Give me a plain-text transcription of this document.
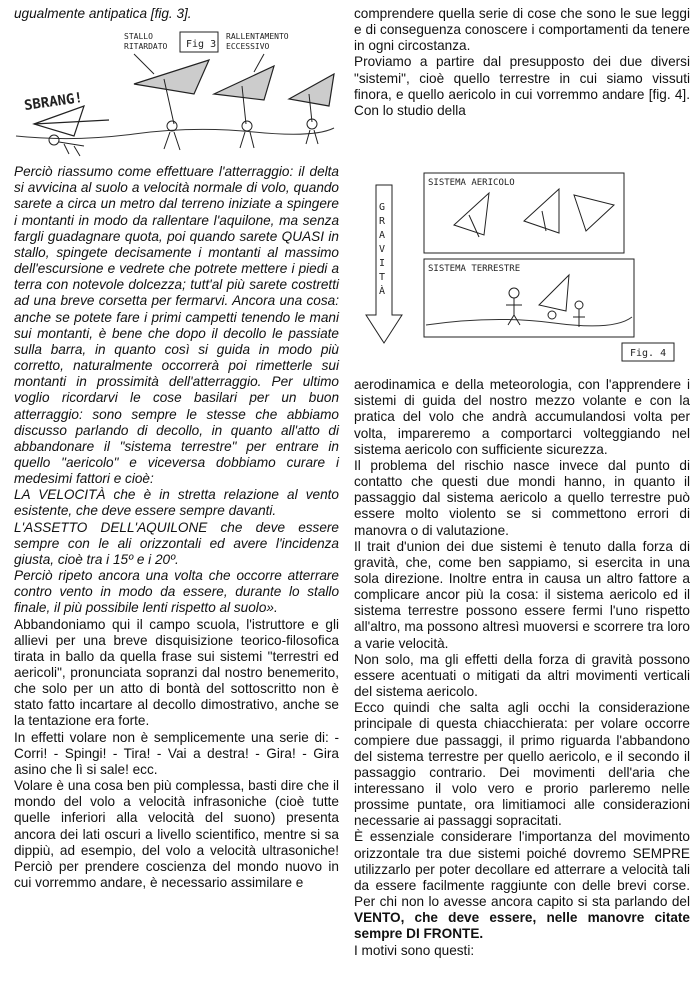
ugualmente antipatica [fig. 3].

Fig 3
SBRANG!
STALLO
RITARDATO
RALLENTAMENTO
ECCESSIVO

Perciò riassumo come effettuare l'atterraggio: il delta si avvicina al suolo a velocità normale di volo, quando sarete a circa un metro dal terreno iniziate a spingere i montanti in modo da rallentare l'aquilone, ma senza fargli guadagnare quota, poi quando sarete QUASI in stallo, spingete decisamente i montanti al massimo dell'escursione e vedrete che potrete mettere i piedi a terra con notevole dolcezza; tutt'al più sarete costretti ad una breve corsetta per fermarvi. Ancora una cosa: anche se potete fare i primi campetti tenendo le mani sui montanti, è bene che dopo il decollo le passiate sulla barra, in quanto così si guida in modo più corretto, naturalmente occorrerà poi rimetterle sui montanti in prossimità dell'atterraggio. Per ultimo voglio ricordarvi le cose basilari per un buon atterraggio: sono sempre le stesse che abbiamo discusso parlando di decollo, in quanto all'atto di abbandonare il "sistema terrestre" per entrare in quello "aericolo" e viceversa dobbiamo curare i medesimi fattori e cioè:

LA VELOCITÀ che è in stretta relazione al vento esistente, che deve essere sempre davanti.

L'ASSETTO DELL'AQUILONE che deve essere sempre con le ali orizzontali ed avere l'incidenza giusta, cioè tra i 15º e i 20º.

Perciò ripeto ancora una volta che occorre atterrare contro vento in modo da essere, durante lo stallo finale, il più possibile lenti rispetto al suolo».

Abbandoniamo qui il campo scuola, l'istruttore e gli allievi per una breve disquisizione teorico-filosofica tirata in ballo da quella frase sui sistemi "terrestri ed aericoli", pronunciata sopranzi dal nostro benemerito, che solo per un atto di bontà del sottoscritto non è stato fatto incartare al decollo dimostrativo, anche se la tentazione era forte.

In effetti volare non è semplicemente una serie di: - Corri! - Spingi! - Tira! - Vai a destra! - Gira! - Gira asino che lì si sale! ecc.

Volare è una cosa ben più complessa, basti dire che il mondo del volo a velocità infrasoniche (cioè tutte quelle inferiori alla velocità del suono) presenta ancora dei lati oscuri a livello scientifico, mentre si sa dippiù, ad esempio, del volo a velocità ultrasoniche! Perciò per prendere coscienza del mondo nuovo in cui vorremmo andare, è necessario assimilare e

comprendere quella serie di cose che sono le sue leggi e di conseguenza conoscere i comportamenti da tenere in ogni circostanza.

Proviamo a partire dal presupposto dei due diversi "sistemi", cioè quello terrestre in cui siamo vissuti finora, e quello aericolo in cui vorremmo andare [fig. 4]. Con lo studio della

SISTEMA AERICOLO
SISTEMA TERRESTRE
GRAVITÀ
Fig. 4

aerodinamica e della meteorologia, con l'apprendere i sistemi di guida del nostro mezzo volante e con la pratica del volo che andrà accumulandosi volta per volta, impareremo a comportarci volteggiando nel sistema aericolo con sufficiente sicurezza.

Il problema del rischio nasce invece dal punto di contatto che questi due mondi hanno, in quanto il passaggio dal sistema aericolo a quello terrestre può essere molto violento se si commettono errori di manovra o di valutazione.

Il trait d'union dei due sistemi è tenuto dalla forza di gravità, che, come ben sappiamo, si esercita in una sola direzione. Inoltre entra in causa un altro fattore a complicare ancor più la cosa: il sistema aericolo ed il sistema terrestre possono essere fermi l'uno rispetto all'altro, ma possono altresì muoversi e scorrere tra loro a varie velocità.

Non solo, ma gli effetti della forza di gravità possono essere acentuati o mitigati da altri movimenti verticali del sistema aericolo.

Ecco quindi che salta agli occhi la considerazione principale di questa chiacchierata: per volare occorre compiere due passaggi, il primo riguarda l'abbandono del sistema terrestre per quello aericolo, e il secondo il passaggio contrario. Dei movimenti dell'aria che interessano il volo vero e prorio parleremo nelle prossime puntate, ora limitiamoci alle considerazioni necessarie ai passaggi sopracitati.

È essenziale considerare l'importanza del movimento orizzontale tra due sistemi poiché dovremo SEMPRE utilizzarlo per poter decollare ed atterrare a velocità tali da essere facilmente raggiunte con delle brevi corse. Per chi non lo avesse ancora capito si sta parlando del VENTO, che deve essere, nelle manovre citate sempre DI FRONTE.

I motivi sono questi:
